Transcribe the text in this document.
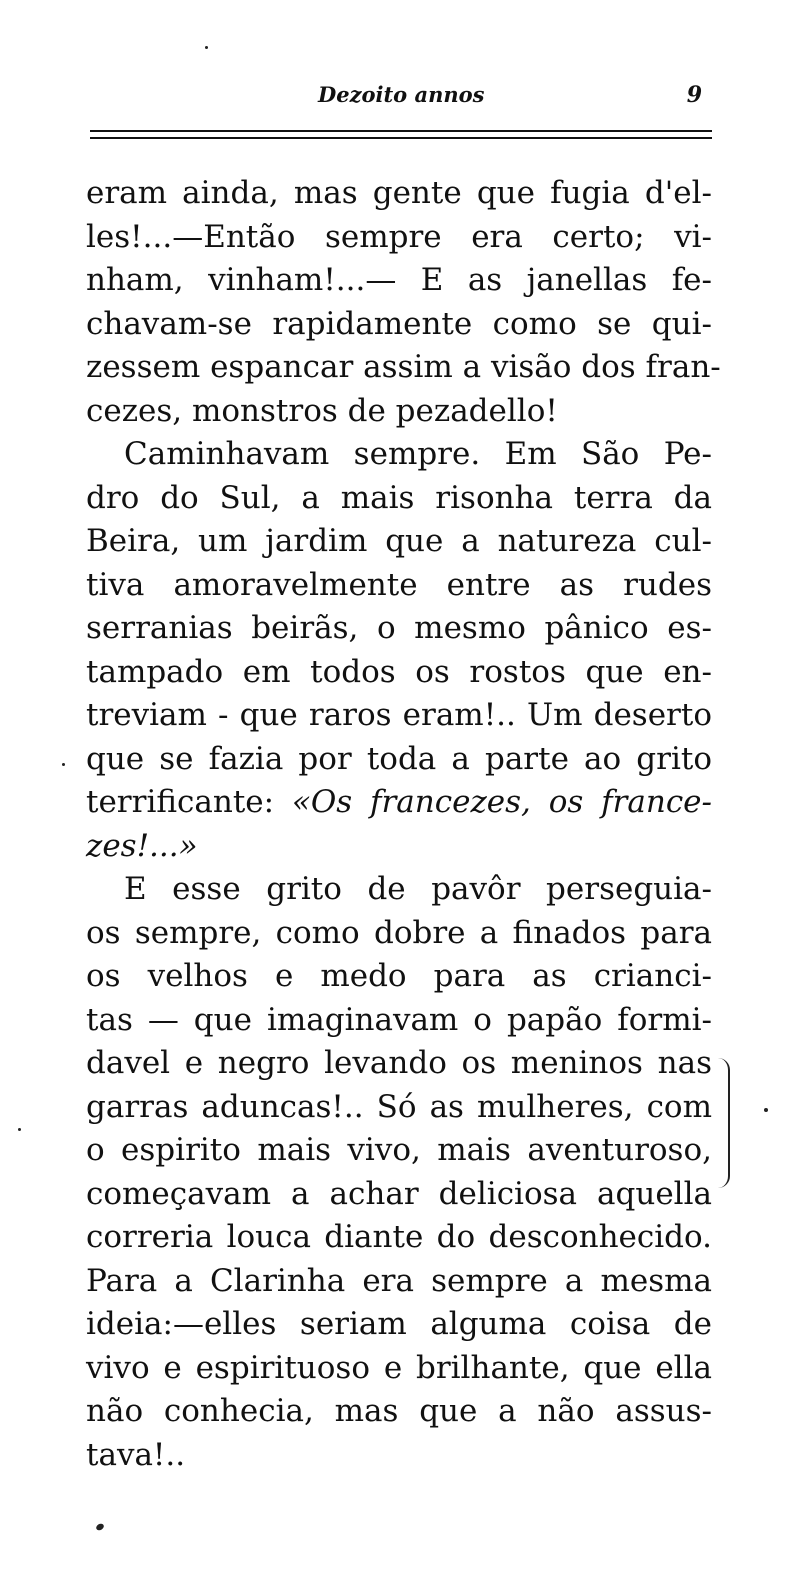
Dezoito annos	9
eram ainda, mas gente que fugia d'el-
les!...—Então sempre era certo; vi-
nham, vinham!...— E as janellas fe-
chavam-se rapidamente como se qui-
zessem espancar assim a visão dos fran-
cezes, monstros de pezadello!
Caminhavam sempre. Em São Pe-
dro do Sul, a mais risonha terra da
Beira, um jardim que a natureza cul-
tiva amoravelmente entre as rudes
serranias beirãs, o mesmo pânico es-
tampado em todos os rostos que en-
treviam - que raros eram!.. Um deserto
que se fazia por toda a parte ao grito
terrificante: «Os francezes, os france-
zes!...»
E esse grito de pavôr perseguia-
os sempre, como dobre a finados para
os velhos e medo para as crianci-
tas — que imaginavam o papão formi-
davel e negro levando os meninos nas
garras aduncas!.. Só as mulheres, com
o espirito mais vivo, mais aventuroso,
começavam a achar deliciosa aquella
correria louca diante do desconhecido.
Para a Clarinha era sempre a mesma
ideia:—elles seriam alguma coisa de
vivo e espirituoso e brilhante, que ella
não conhecia, mas que a não assus-
tava!..
